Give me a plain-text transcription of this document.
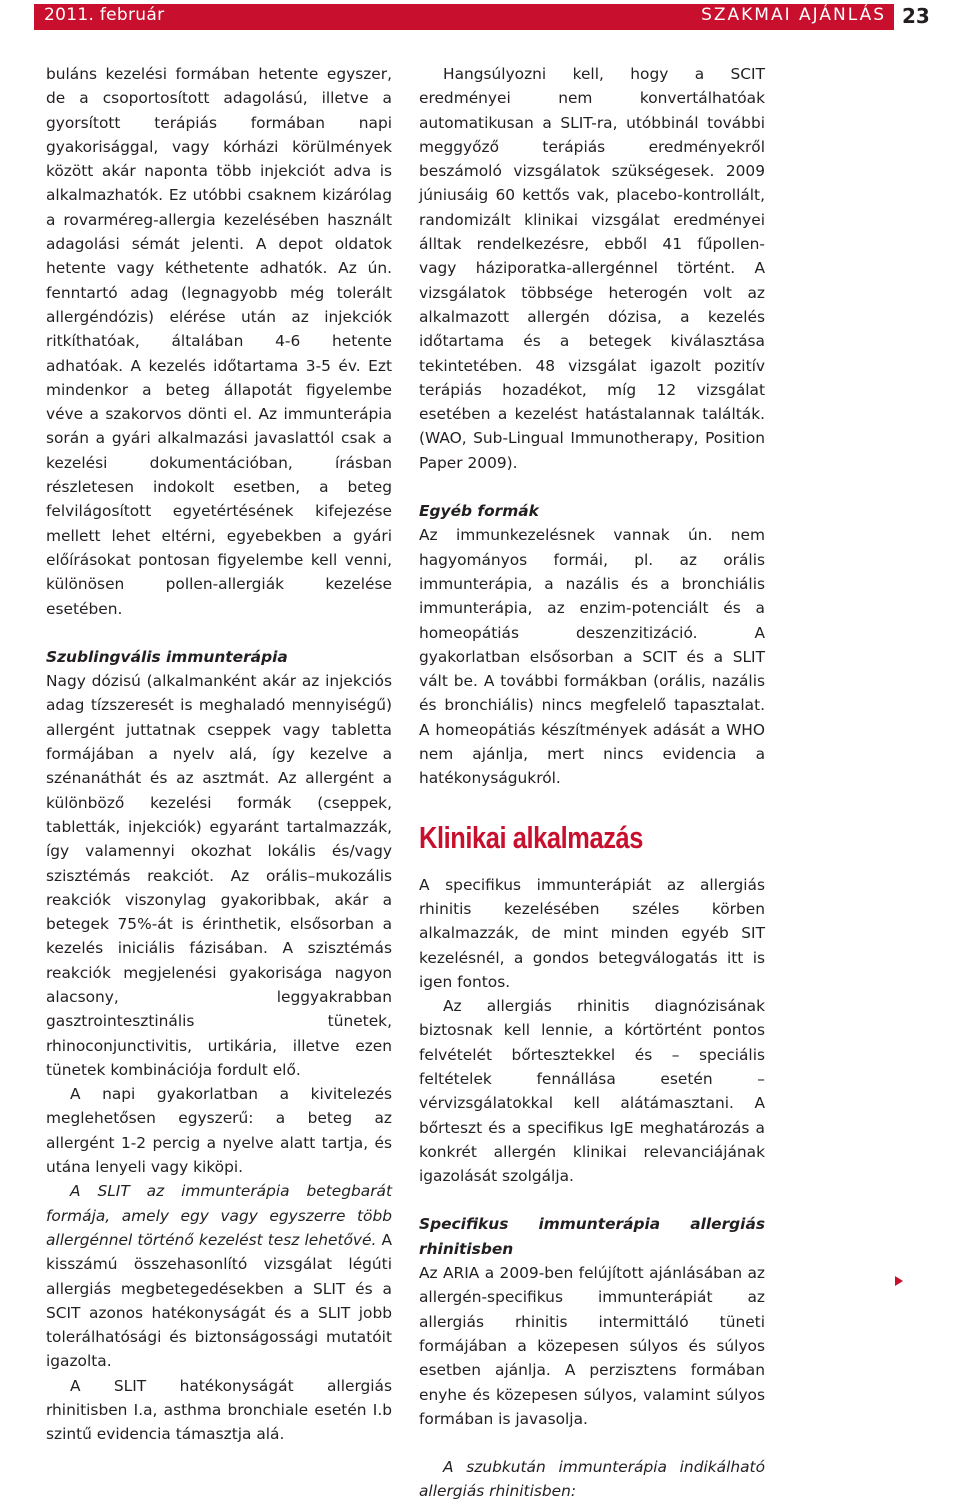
2011. február	SZAKMAI AJÁNLÁS 23

buláns kezelési formában hetente egyszer, de a csoportosított adagolású, illetve a gyorsított terápiás formában napi gyakorisággal, vagy kórházi körülmények között akár naponta több injekciót adva is alkalmazhatók. Ez utóbbi csaknem kizárólag a rovarméreg-allergia kezelésében használt adagolási sémát jelenti. A depot oldatok hetente vagy kéthetente adhatók. Az ún. fenntartó adag (legnagyobb még tolerált allergéndózis) elérése után az injekciók ritkíthatóak, általában 4-6 hetente adhatóak. A kezelés időtartama 3-5 év. Ezt mindenkor a beteg állapotát figyelembe véve a szakorvos dönti el. Az immunterápia során a gyári alkalmazási javaslattól csak a kezelési dokumentációban, írásban részletesen indokolt esetben, a beteg felvilágosított egyetértésének kifejezése mellett lehet eltérni, egyebekben a gyári előírásokat pontosan figyelembe kell venni, különösen pollen-allergiák kezelése esetében.

Szublingvális immunterápia

Nagy dózisú (alkalmanként akár az injekciós adag tízszeresét is meghaladó mennyiségű) allergént juttatnak cseppek vagy tabletta formájában a nyelv alá, így kezelve a szénanáthát és az asztmát. Az allergént a különböző kezelési formák (cseppek, tabletták, injekciók) egyaránt tartalmazzák, így valamennyi okozhat lokális és/vagy szisztémás reakciót. Az orális–mukozális reakciók viszonylag gyakoribbak, akár a betegek 75%-át is érinthetik, elsősorban a kezelés iniciális fázisában. A szisztémás reakciók megjelenési gyakorisága nagyon alacsony, leggyakrabban gasztrointesztinális tünetek, rhinoconjunctivitis, urtikária, illetve ezen tünetek kombinációja fordult elő.

A napi gyakorlatban a kivitelezés meglehetősen egyszerű: a beteg az allergént 1-2 percig a nyelve alatt tartja, és utána lenyeli vagy kiköpi.

A SLIT az immunterápia betegbarát formája, amely egy vagy egyszerre több allergénnel történő kezelést tesz lehetővé. A kisszámú összehasonlító vizsgálat légúti allergiás megbetegedésekben a SLIT és a SCIT azonos hatékonyságát és a SLIT jobb tolerálhatósági és biztonságossági mutatóit igazolta.

A SLIT hatékonyságát allergiás rhinitisben I.a, asthma bronchiale esetén I.b szintű evidencia támasztja alá.

Hangsúlyozni kell, hogy a SCIT eredményei nem konvertálhatóak automatikusan a SLIT-ra, utóbbinál további meggyőző terápiás eredményekről beszámoló vizsgálatok szükségesek. 2009 júniusáig 60 kettős vak, placebo-kontrollált, randomizált klinikai vizsgálat eredményei álltak rendelkezésre, ebből 41 fűpollen- vagy háziporatka-allergénnel történt. A vizsgálatok többsége heterogén volt az alkalmazott allergén dózisa, a kezelés időtartama és a betegek kiválasztása tekintetében. 48 vizsgálat igazolt pozitív terápiás hozadékot, míg 12 vizsgálat esetében a kezelést hatástalannak találták. (WAO, Sub-Lingual Immunotherapy, Position Paper 2009).

Egyéb formák

Az immunkezelésnek vannak ún. nem hagyományos formái, pl. az orális immunterápia, a nazális és a bronchiális immunterápia, az enzim-potenciált és a homeopátiás deszenzitizáció. A gyakorlatban elsősorban a SCIT és a SLIT vált be. A további formákban (orális, nazális és bronchiális) nincs megfelelő tapasztalat. A homeopátiás készítmények adását a WHO nem ajánlja, mert nincs evidencia a hatékonyságukról.

Klinikai alkalmazás

A specifikus immunterápiát az allergiás rhinitis kezelésében széles körben alkalmazzák, de mint minden egyéb SIT kezelésnél, a gondos betegválogatás itt is igen fontos.

Az allergiás rhinitis diagnózisának biztosnak kell lennie, a kórtörtént pontos felvételét bőrtesztekkel és – speciális feltételek fennállása esetén – vérvizsgálatokkal kell alátámasztani. A bőrteszt és a specifikus IgE meghatározás a konkrét allergén klinikai relevanciájának igazolását szolgálja.

Specifikus immunterápia allergiás rhinitisben

Az ARIA a 2009-ben felújított ajánlásában az allergén-specifikus immunterápiát az allergiás rhinitis intermittáló tüneti formájában a közepesen súlyos és súlyos esetben ajánlja. A perzisztens formában enyhe és közepesen súlyos, valamint súlyos formában is javasolja.

A szubkután immunterápia indikálható allergiás rhinitisben:
